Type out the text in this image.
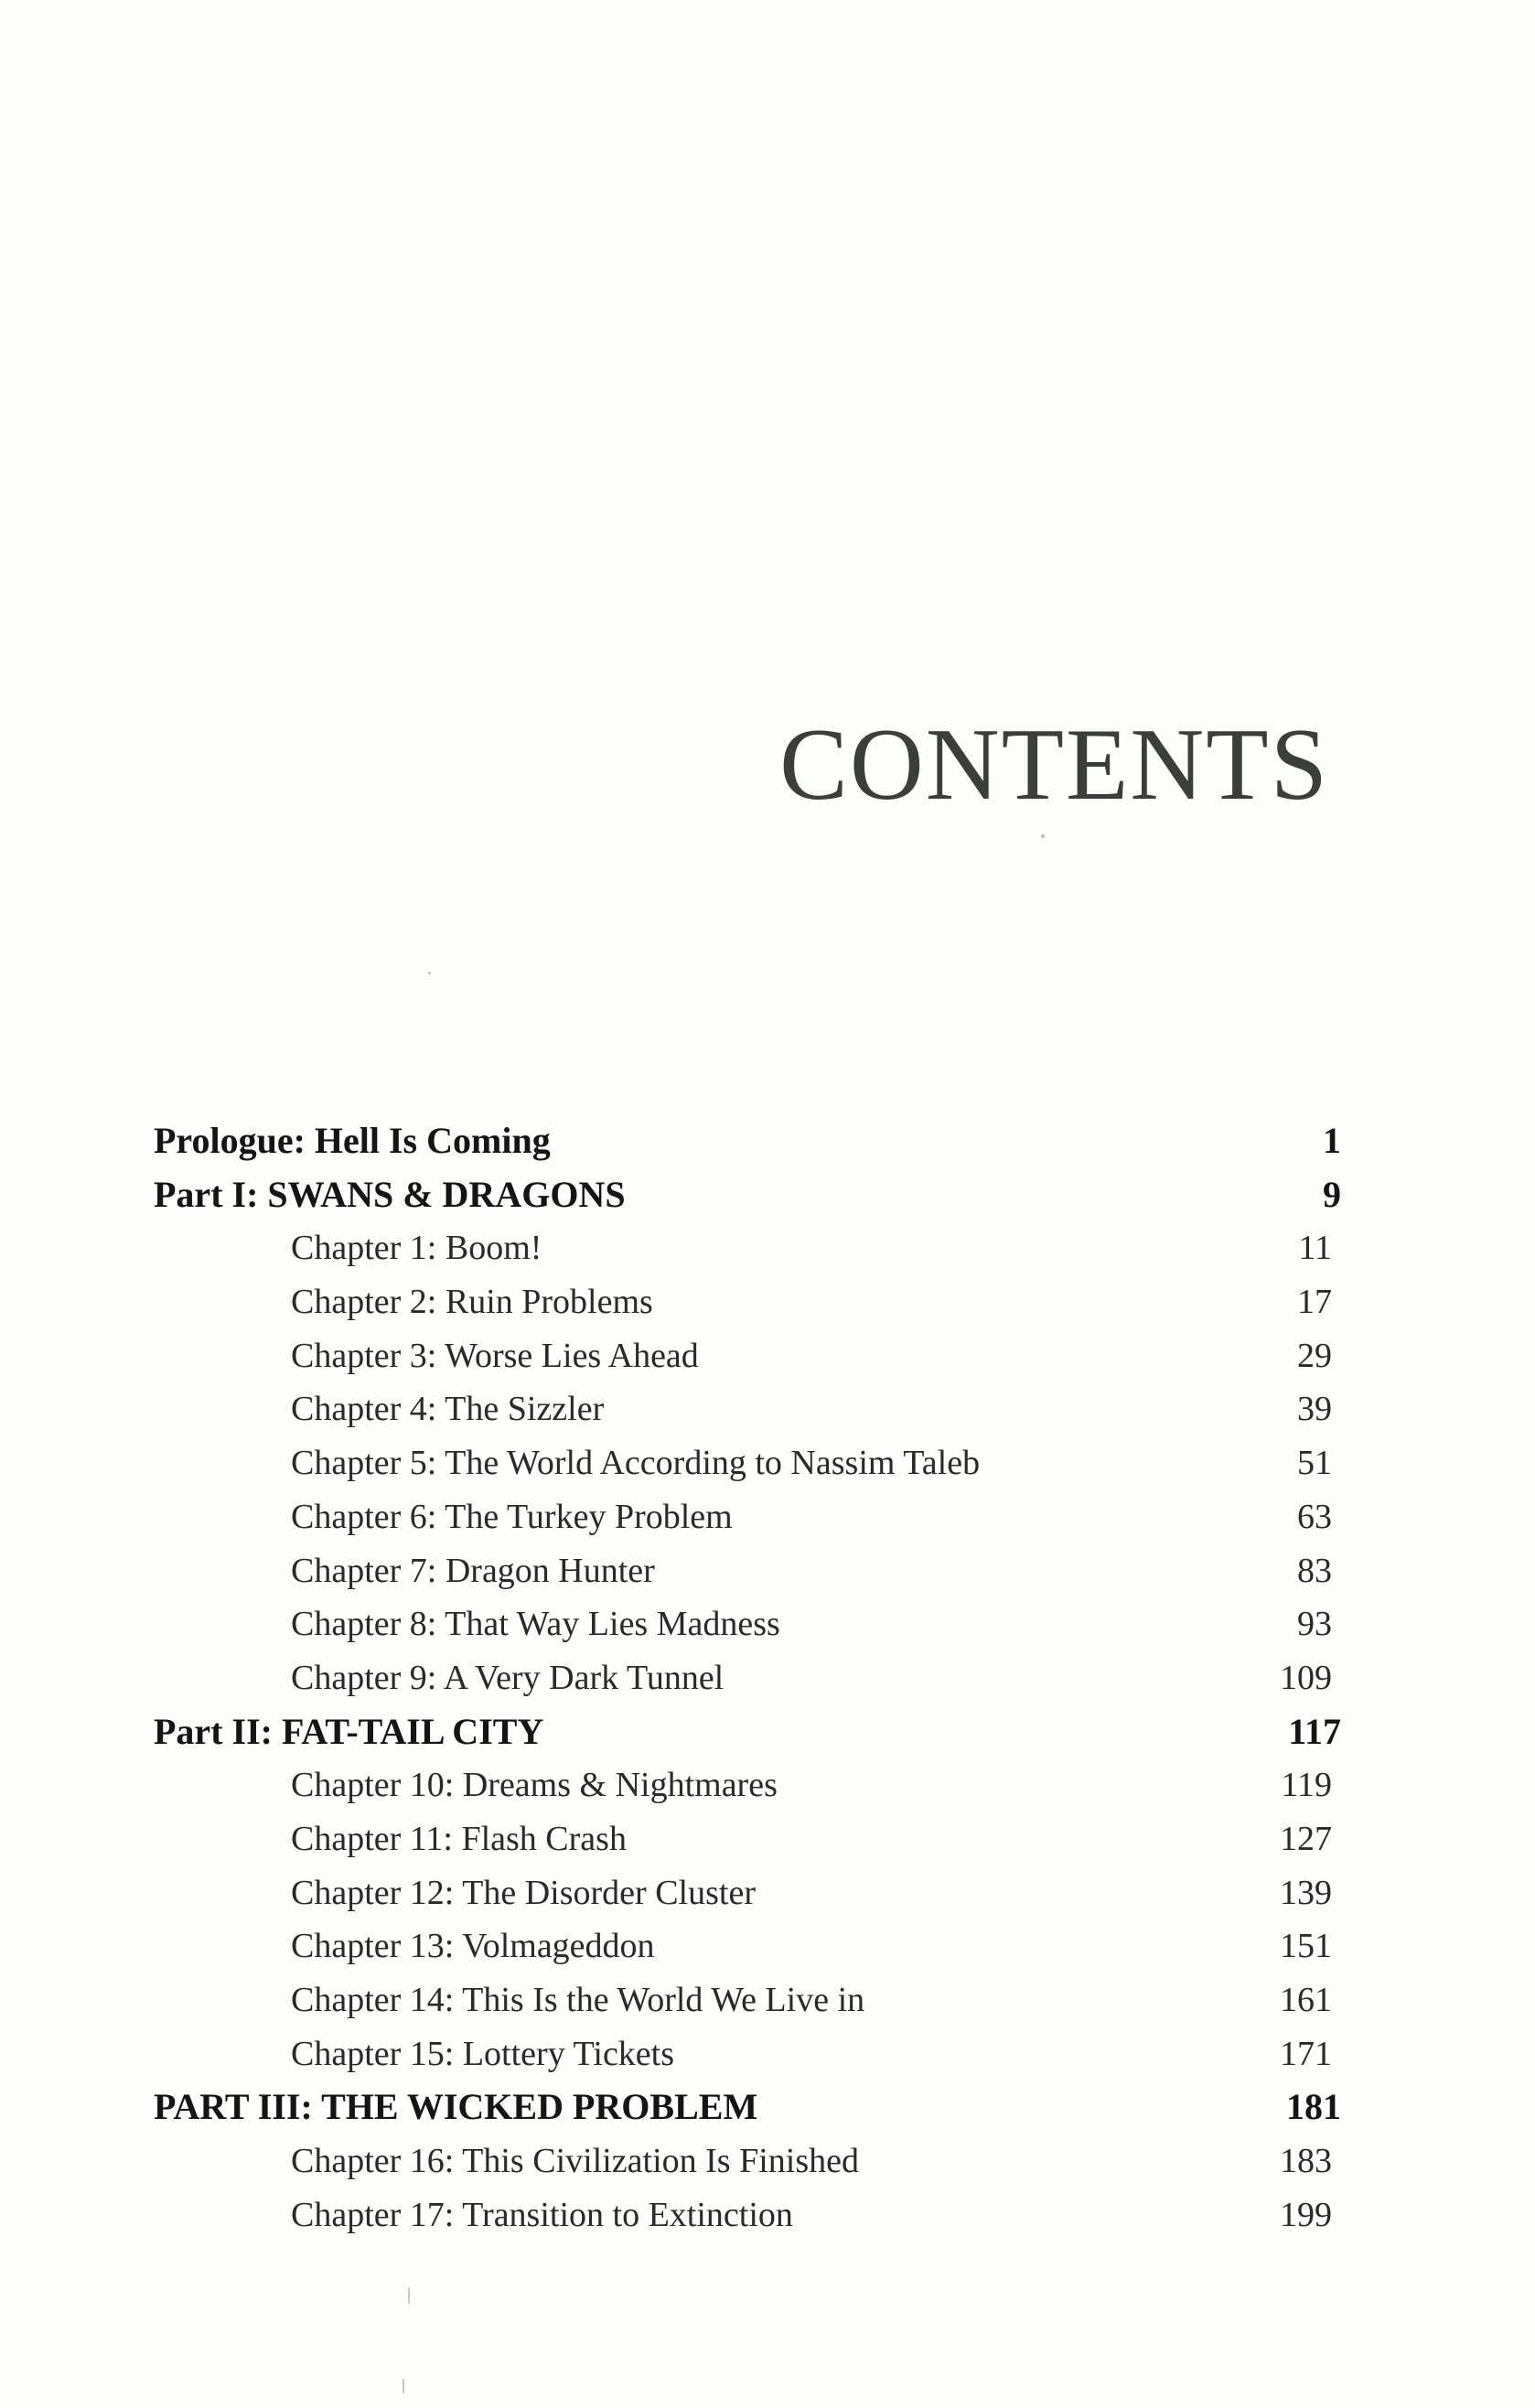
CONTENTS
Prologue: Hell Is Coming	1
Part I: SWANS & DRAGONS	9
Chapter 1: Boom!	11
Chapter 2: Ruin Problems	17
Chapter 3: Worse Lies Ahead	29
Chapter 4: The Sizzler	39
Chapter 5: The World According to Nassim Taleb	51
Chapter 6: The Turkey Problem	63
Chapter 7: Dragon Hunter	83
Chapter 8: That Way Lies Madness	93
Chapter 9: A Very Dark Tunnel	109
Part II: FAT-TAIL CITY	117
Chapter 10: Dreams & Nightmares	119
Chapter 11: Flash Crash	127
Chapter 12: The Disorder Cluster	139
Chapter 13: Volmageddon	151
Chapter 14: This Is the World We Live in	161
Chapter 15: Lottery Tickets	171
PART III: THE WICKED PROBLEM	181
Chapter 16: This Civilization Is Finished	183
Chapter 17: Transition to Extinction	199
